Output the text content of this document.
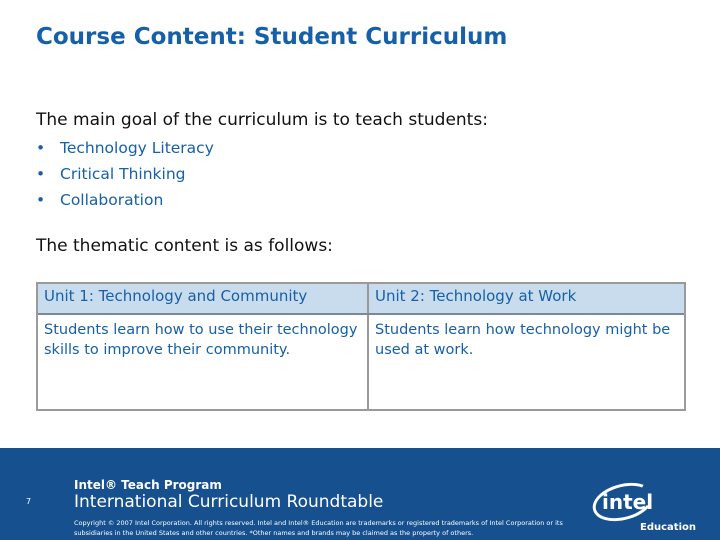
Course Content: Student Curriculum
The main goal of the curriculum is to teach students:
• Technology Literacy
• Critical Thinking
• Collaboration
The thematic content is as follows:
Unit 1: Technology and Community	Unit 2: Technology at Work
Students learn how to use their technology skills to improve their community.
Students learn how technology might be used at work.
7
Intel® Teach Program
International Curriculum Roundtable
Copyright © 2007 Intel Corporation. All rights reserved. Intel and Intel® Education are trademarks or registered trademarks of Intel Corporation or its subsidiaries in the United States and other countries. *Other names and brands may be claimed as the property of others.
intel
Education
